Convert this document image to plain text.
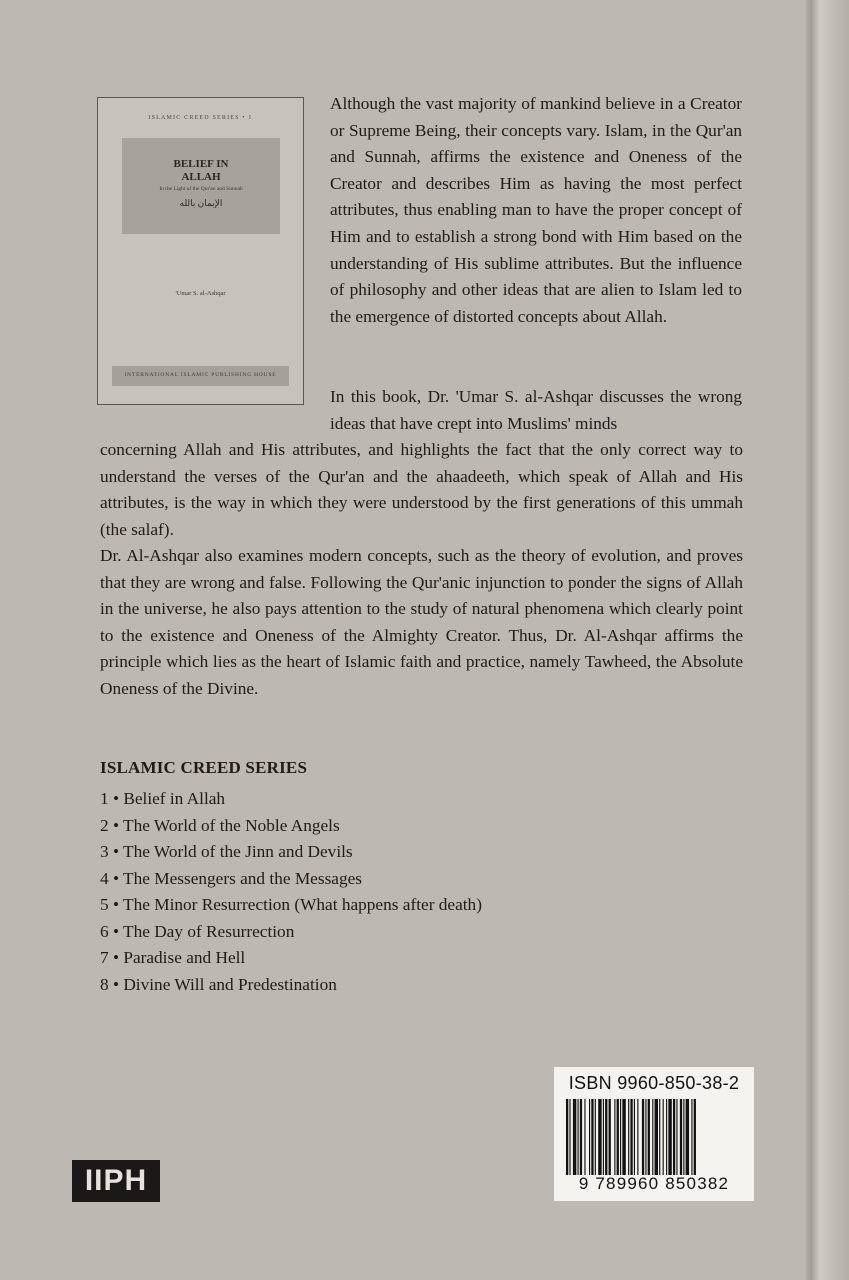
ISLAMIC CREED SERIES • 1
BELIEF IN
ALLAH
In the Light of the Qur'an and Sunnah
الإيمان بالله
'Umar S. al-Ashqar
INTERNATIONAL ISLAMIC PUBLISHING HOUSE

Although the vast majority of mankind believe in a Creator or Supreme Being, their concepts vary. Islam, in the Qur'an and Sunnah, affirms the existence and Oneness of the Creator and describes Him as having the most perfect attributes, thus enabling man to have the proper concept of Him and to establish a strong bond with Him based on the understanding of His sublime attributes. But the influence of philosophy and other ideas that are alien to Islam led to the emergence of distorted concepts about Allah.

In this book, Dr. 'Umar S. al-Ashqar discusses the wrong ideas that have crept into Muslims' minds

concerning Allah and His attributes, and highlights the fact that the only correct way to understand the verses of the Qur'an and the ahaadeeth, which speak of Allah and His attributes, is the way in which they were understood by the first generations of this ummah (the salaf).

Dr. Al-Ashqar also examines modern concepts, such as the theory of evolution, and proves that they are wrong and false. Following the Qur'anic injunction to ponder the signs of Allah in the universe, he also pays attention to the study of natural phenomena which clearly point to the existence and Oneness of the Almighty Creator. Thus, Dr. Al-Ashqar affirms the principle which lies as the heart of Islamic faith and practice, namely Tawheed, the Absolute Oneness of the Divine.

ISLAMIC CREED SERIES
1 • Belief in Allah
2 • The World of the Noble Angels
3 • The World of the Jinn and Devils
4 • The Messengers and the Messages
5 • The Minor Resurrection (What happens after death)
6 • The Day of Resurrection
7 • Paradise and Hell
8 • Divine Will and Predestination
ISBN 9960-850-38-2
9 789960 850382
IIPH
